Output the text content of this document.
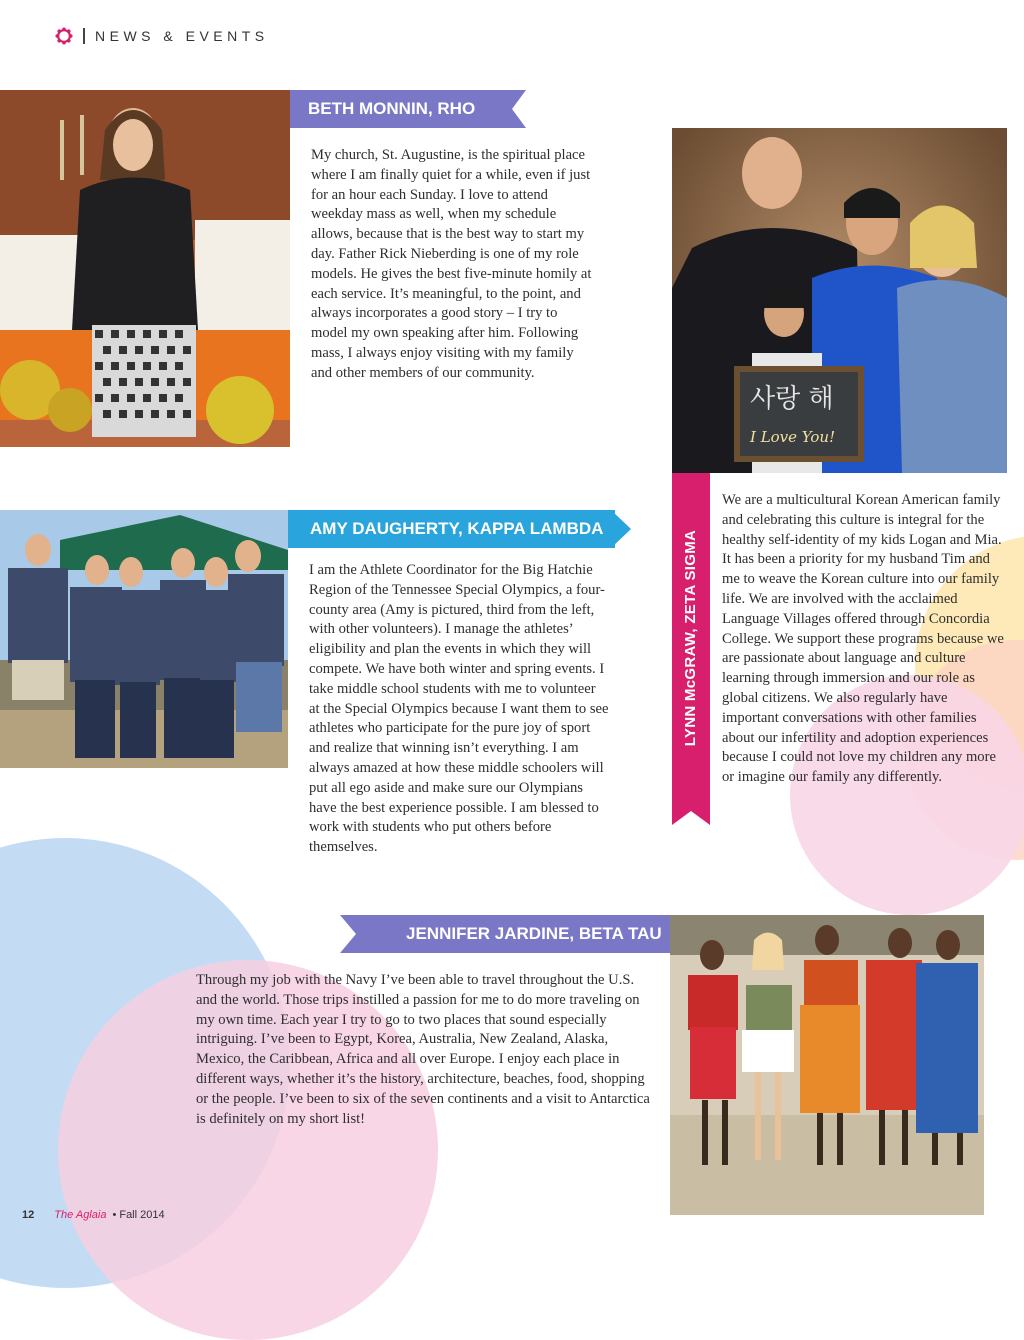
NEWS & EVENTS
BETH MONNIN, RHO
My church, St. Augustine, is the spiritual place where I am finally quiet for a while, even if just for an hour each Sunday. I love to attend weekday mass as well, when my schedule allows, because that is the best way to start my day. Father Rick Nieberding is one of my role models. He gives the best five-minute homily at each service. It’s meaningful, to the point, and always incorporates a good story – I try to model my own speaking after him. Following mass, I always enjoy visiting with my family and other members of our community.
사랑 해
I Love You!
LYNN McGRAW, ZETA SIGMA
We are a multicultural Korean American family and celebrating this culture is integral for the healthy self-identity of my kids Logan and Mia. It has been a priority for my husband Tim and me to weave the Korean culture into our family life. We are involved with the acclaimed Language Villages offered through Concordia College. We support these programs because we are passionate about language and culture learning through immersion and our role as global citizens. We also regularly have important conversations with other families about our infertility and adoption experiences because I could not love my children any more or imagine our family any differently.
AMY DAUGHERTY, KAPPA LAMBDA
I am the Athlete Coordinator for the Big Hatchie Region of the Tennessee Special Olympics, a four-county area (Amy is pictured, third from the left, with other volunteers). I manage the athletes’ eligibility and plan the events in which they will compete. We have both winter and spring events. I take middle school students with me to volunteer at the Special Olympics because I want them to see athletes who participate for the pure joy of sport and realize that winning isn’t everything. I am always amazed at how these middle schoolers will put all ego aside and make sure our Olympians have the best experience possible. I am blessed to work with students who put others before themselves.
JENNIFER JARDINE, BETA TAU
Through my job with the Navy I’ve been able to travel throughout the U.S. and the world. Those trips instilled a passion for me to do more traveling on my own time. Each year I try to go to two places that sound especially intriguing. I’ve been to Egypt, Korea, Australia, New Zealand, Alaska, Mexico, the Caribbean, Africa and all over Europe. I enjoy each place in different ways, whether it’s the history, architecture, beaches, food, shopping or the people. I’ve been to six of the seven continents and a visit to Antarctica is definitely on my short list!
12 The Aglaia • Fall 2014
